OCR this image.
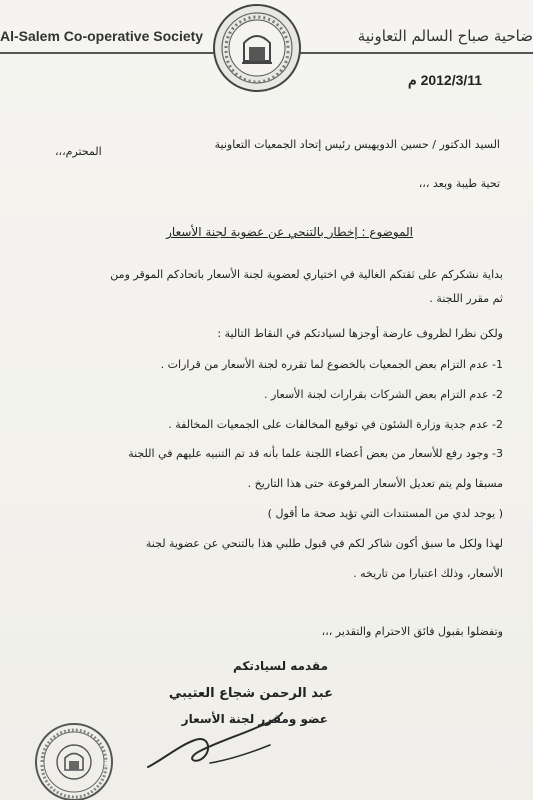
Al-Salem Co-operative Society	ضاحية صباح السالم التعاونية
2012/3/11 م
السيد الدكتور / حسين الدويهيس رئيس إتحاد الجمعيات التعاونية
المحترم،،،
تحية طيبة وبعد ،،،
الموضوع : إخطار بالتنحي عن عضوية لجنة الأسعار
بداية نشكركم على ثقتكم الغالية في اختياري لعضوية لجنة الأسعار باتحادكم الموقر ومن
ثم مقرر اللجنة .
ولكن نظرا لظروف عارضة أوجزها لسيادتكم في النقاط التالية :
1- عدم التزام بعض الجمعيات بالخضوع لما تقرره لجنة الأسعار من قرارات .
2- عدم التزام بعض الشركات بقرارات لجنة الأسعار .
2- عدم جدية وزارة الشئون في توقيع المخالفات على الجمعيات المخالفة .
3- وجود رفع للأسعار من بعض أعضاء اللجنة علما بأنه قد تم التنبيه عليهم في اللجنة
مسبقا ولم يتم تعديل الأسعار المرفوعة حتى هذا التاريخ .
( يوجد لدي من المستندات التي تؤيد صحة ما أقول )
لهذا ولكل ما سبق أكون شاكر لكم في قبول طلبي هذا بالتنحي عن عضوية لجنة
الأسعار، وذلك اعتبارا من تاريخه .
وتفضلوا بقبول فائق الاحترام والتقدير ،،،
مقدمه لسيادتكم
عبد الرحمن شجاع العتيبي
عضو ومقرر لجنة الأسعار
